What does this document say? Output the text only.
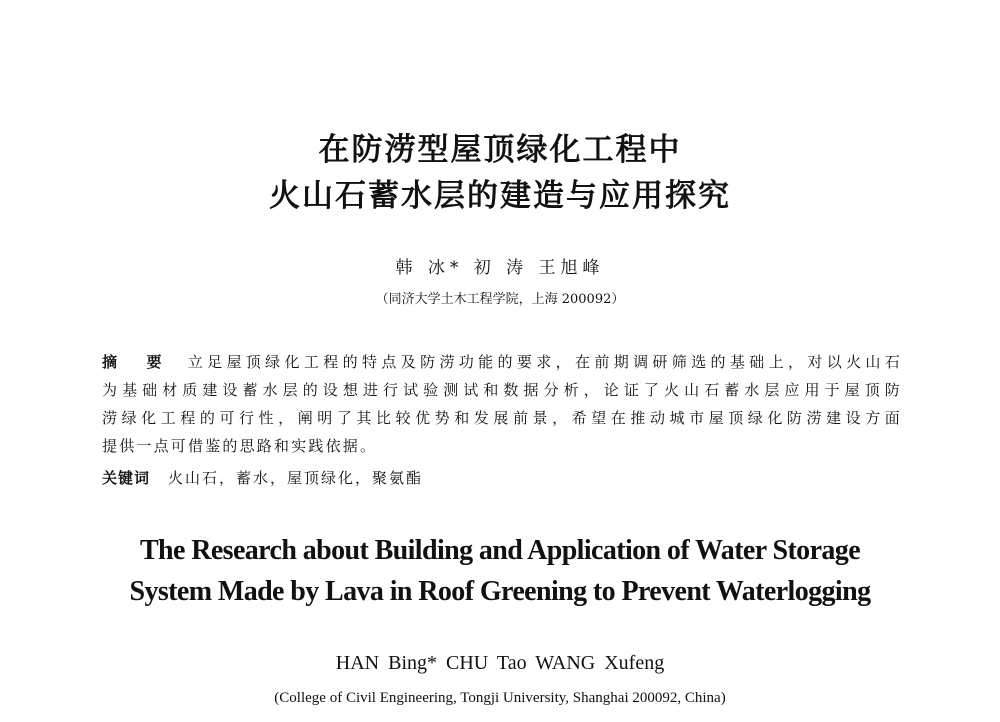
在防涝型屋顶绿化工程中
火山石蓄水层的建造与应用探究
韩 冰* 初 涛 王旭峰
（同济大学土木工程学院，上海 200092）
摘 要 立足屋顶绿化工程的特点及防涝功能的要求，在前期调研筛选的基础上，对以火山石
为基础材质建设蓄水层的设想进行试验测试和数据分析，论证了火山石蓄水层应用于屋顶防
涝绿化工程的可行性，阐明了其比较优势和发展前景，希望在推动城市屋顶绿化防涝建设方面
提供一点可借鉴的思路和实践依据。
关键词 火山石，蓄水，屋顶绿化，聚氨酯
The Research about Building and Application of Water Storage
System Made by Lava in Roof Greening to Prevent Waterlogging
HAN Bing* CHU Tao WANG Xufeng
(College of Civil Engineering, Tongji University, Shanghai 200092, China)
